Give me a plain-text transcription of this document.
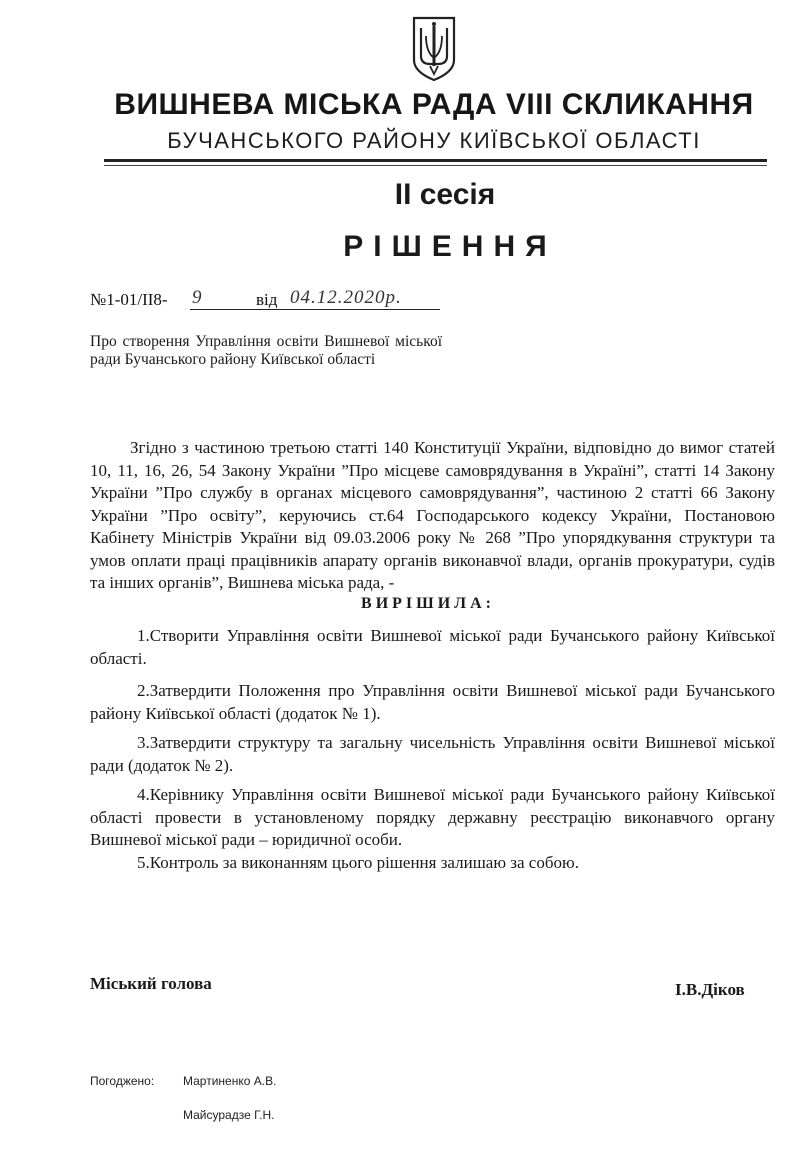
ВИШНЕВА МІСЬКА РАДА VIII СКЛИКАННЯ
БУЧАНСЬКОГО РАЙОНУ КИЇВСЬКОЇ ОБЛАСТІ
II сесія
РІШЕННЯ
№1-01/II8- 9	від 04.12.2020р.
Про створення Управління освіти Вишневої міської ради Бучанського району Київської області
Згідно з частиною третьою статті 140 Конституції України, відповідно до вимог статей 10, 11, 16, 26, 54 Закону України ”Про місцеве самоврядування в Україні”, статті 14 Закону України ”Про службу в органах місцевого самоврядування”, частиною 2 статті 66 Закону України ”Про освіту”, керуючись ст.64 Господарського кодексу України, Постановою Кабінету Міністрів України від 09.03.2006 року № 268 ”Про упорядкування структури та умов оплати праці працівників апарату органів виконавчої влади, органів прокуратури, судів та інших органів”, Вишнева міська рада, -
ВИРІШИЛА:
1.Створити Управління освіти Вишневої міської ради Бучанського району Київської області.
2.Затвердити Положення про Управління освіти Вишневої міської ради Бучанського району Київської області (додаток № 1).
3.Затвердити структуру та загальну чисельність Управління освіти Вишневої міської ради (додаток № 2).
4.Керівнику Управління освіти Вишневої міської ради Бучанського району Київської області провести в установленому порядку державну реєстрацію виконавчого органу Вишневої міської ради – юридичної особи.
5.Контроль за виконанням цього рішення залишаю за собою.
Міський голова	І.В.Діков
Погоджено: Мартиненко А.В.
Майсурадзе Г.Н.
